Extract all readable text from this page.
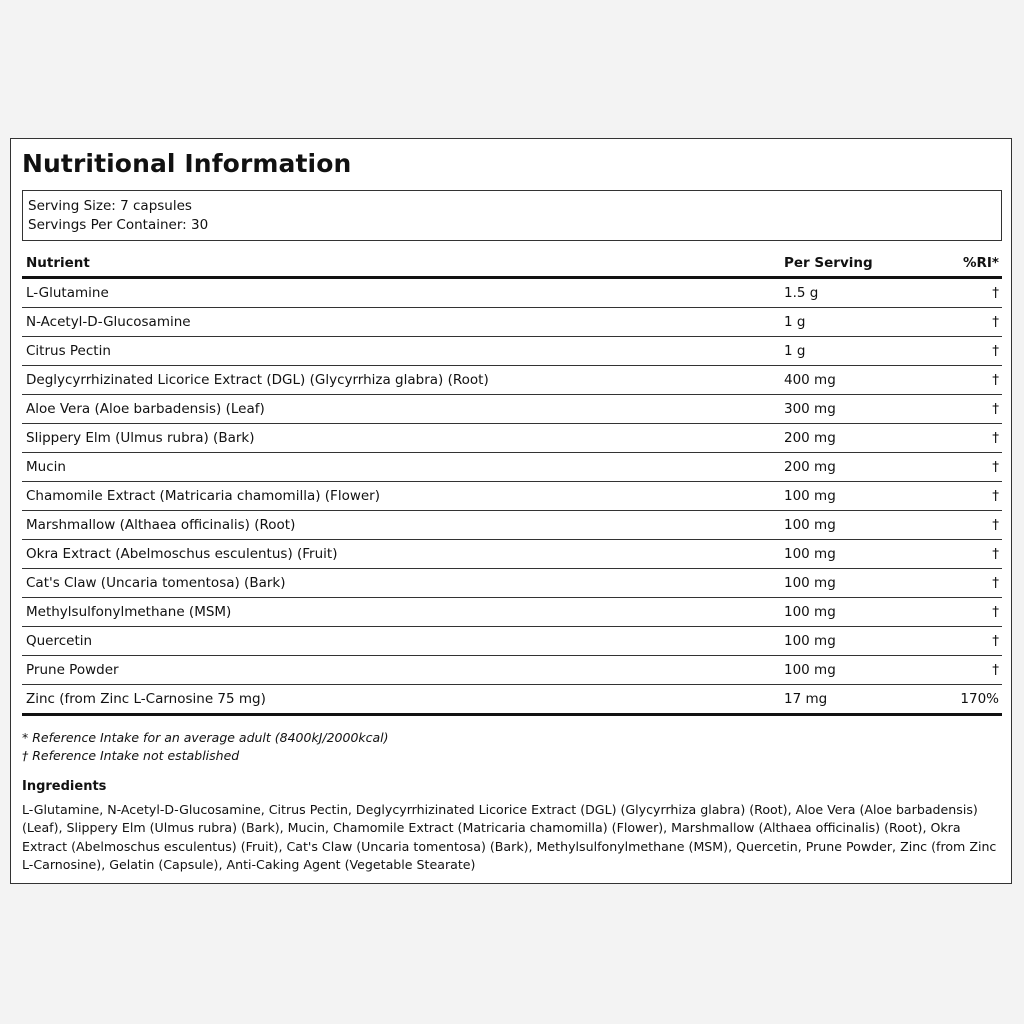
Nutritional Information
Serving Size: 7 capsules
Servings Per Container: 30
Nutrient	Per Serving	%RI*
L-Glutamine	1.5 g	†
N-Acetyl-D-Glucosamine	1 g	†
Citrus Pectin	1 g	†
Deglycyrrhizinated Licorice Extract (DGL) (Glycyrrhiza glabra) (Root)	400 mg	†
Aloe Vera (Aloe barbadensis) (Leaf)	300 mg	†
Slippery Elm (Ulmus rubra) (Bark)	200 mg	†
Mucin	200 mg	†
Chamomile Extract (Matricaria chamomilla) (Flower)	100 mg	†
Marshmallow (Althaea officinalis) (Root)	100 mg	†
Okra Extract (Abelmoschus esculentus) (Fruit)	100 mg	†
Cat's Claw (Uncaria tomentosa) (Bark)	100 mg	†
Methylsulfonylmethane (MSM)	100 mg	†
Quercetin	100 mg	†
Prune Powder	100 mg	†
Zinc (from Zinc L-Carnosine 75 mg)	17 mg	170%
* Reference Intake for an average adult (8400kJ/2000kcal)
† Reference Intake not established
Ingredients
L-Glutamine, N-Acetyl-D-Glucosamine, Citrus Pectin, Deglycyrrhizinated Licorice Extract (DGL) (Glycyrrhiza glabra) (Root), Aloe Vera (Aloe barbadensis) (Leaf), Slippery Elm (Ulmus rubra) (Bark), Mucin, Chamomile Extract (Matricaria chamomilla) (Flower), Marshmallow (Althaea officinalis) (Root), Okra Extract (Abelmoschus esculentus) (Fruit), Cat's Claw (Uncaria tomentosa) (Bark), Methylsulfonylmethane (MSM), Quercetin, Prune Powder, Zinc (from Zinc L-Carnosine), Gelatin (Capsule), Anti-Caking Agent (Vegetable Stearate)
